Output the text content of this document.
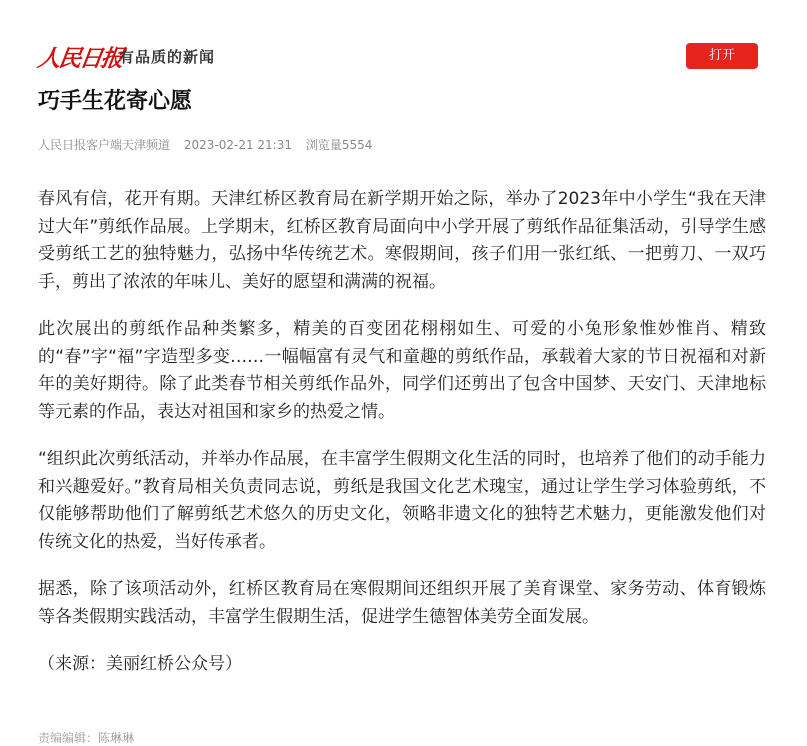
人民日报
有品质的新闻	打开
巧手生花寄心愿
人民日报客户端天津频道 2023-02-21 21:31 浏览量5554

春风有信，花开有期。天津红桥区教育局在新学期开始之际，举办了2023年中小学生“我在天津过大年”剪纸作品展。上学期末，红桥区教育局面向中小学开展了剪纸作品征集活动，引导学生感受剪纸工艺的独特魅力，弘扬中华传统艺术。寒假期间，孩子们用一张红纸、一把剪刀、一双巧手，剪出了浓浓的年味儿、美好的愿望和满满的祝福。

此次展出的剪纸作品种类繁多，精美的百变团花栩栩如生、可爱的小兔形象惟妙惟肖、精致的“春”字“福”字造型多变……一幅幅富有灵气和童趣的剪纸作品，承载着大家的节日祝福和对新年的美好期待。除了此类春节相关剪纸作品外，同学们还剪出了包含中国梦、天安门、天津地标等元素的作品，表达对祖国和家乡的热爱之情。

“组织此次剪纸活动，并举办作品展，在丰富学生假期文化生活的同时，也培养了他们的动手能力和兴趣爱好。”教育局相关负责同志说，剪纸是我国文化艺术瑰宝，通过让学生学习体验剪纸，不仅能够帮助他们了解剪纸艺术悠久的历史文化，领略非遗文化的独特艺术魅力，更能激发他们对传统文化的热爱，当好传承者。

据悉，除了该项活动外，红桥区教育局在寒假期间还组织开展了美育课堂、家务劳动、体育锻炼等各类假期实践活动，丰富学生假期生活，促进学生德智体美劳全面发展。

（来源：美丽红桥公众号）

责编编辑：陈琳琳
